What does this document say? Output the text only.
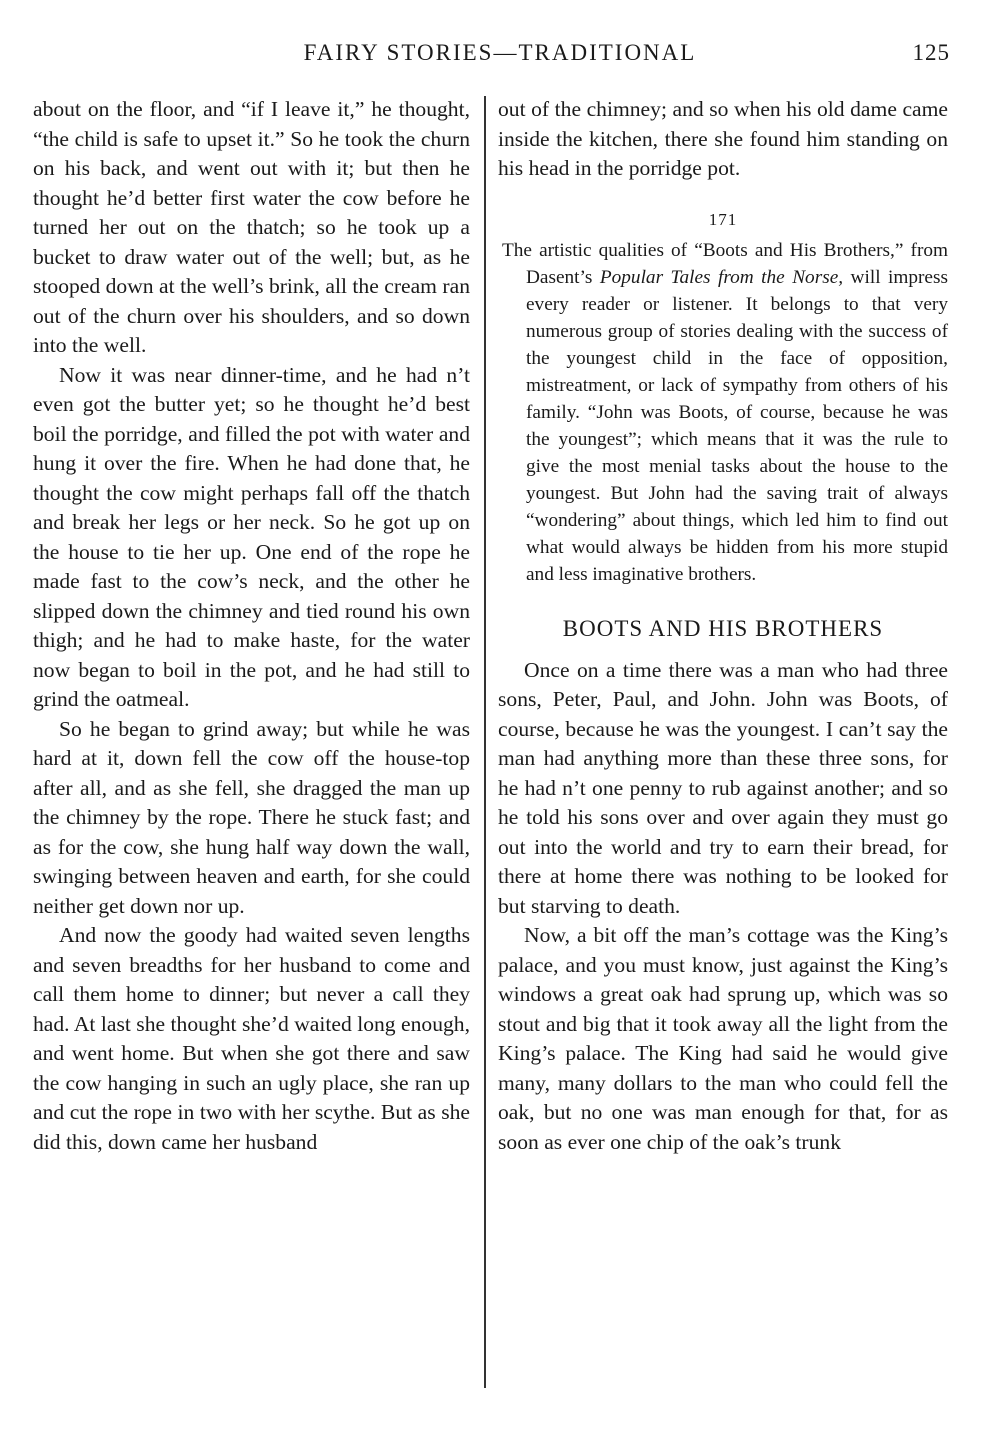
FAIRY STORIES—TRADITIONAL	125

about on the floor, and “if I leave it,” he thought, “the child is safe to upset it.” So he took the churn on his back, and went out with it; but then he thought he’d better first water the cow before he turned her out on the thatch; so he took up a bucket to draw water out of the well; but, as he stooped down at the well’s brink, all the cream ran out of the churn over his shoulders, and so down into the well.

Now it was near dinner-time, and he had n’t even got the butter yet; so he thought he’d best boil the porridge, and filled the pot with water and hung it over the fire. When he had done that, he thought the cow might perhaps fall off the thatch and break her legs or her neck. So he got up on the house to tie her up. One end of the rope he made fast to the cow’s neck, and the other he slipped down the chimney and tied round his own thigh; and he had to make haste, for the water now began to boil in the pot, and he had still to grind the oatmeal.

So he began to grind away; but while he was hard at it, down fell the cow off the house-top after all, and as she fell, she dragged the man up the chimney by the rope. There he stuck fast; and as for the cow, she hung half way down the wall, swinging between heaven and earth, for she could neither get down nor up.

And now the goody had waited seven lengths and seven breadths for her husband to come and call them home to dinner; but never a call they had. At last she thought she’d waited long enough, and went home. But when she got there and saw the cow hanging in such an ugly place, she ran up and cut the rope in two with her scythe. But as she did this, down came her husband

out of the chimney; and so when his old dame came inside the kitchen, there she found him standing on his head in the porridge pot.

171
The artistic qualities of “Boots and His Brothers,” from Dasent’s Popular Tales from the Norse, will impress every reader or listener. It belongs to that very numerous group of stories dealing with the success of the youngest child in the face of opposition, mistreatment, or lack of sympathy from others of his family. “John was Boots, of course, because he was the youngest”; which means that it was the rule to give the most menial tasks about the house to the youngest. But John had the saving trait of always “wondering” about things, which led him to find out what would always be hidden from his more stupid and less imaginative brothers.
BOOTS AND HIS BROTHERS

Once on a time there was a man who had three sons, Peter, Paul, and John. John was Boots, of course, because he was the youngest. I can’t say the man had anything more than these three sons, for he had n’t one penny to rub against another; and so he told his sons over and over again they must go out into the world and try to earn their bread, for there at home there was nothing to be looked for but starving to death.

Now, a bit off the man’s cottage was the King’s palace, and you must know, just against the King’s windows a great oak had sprung up, which was so stout and big that it took away all the light from the King’s palace. The King had said he would give many, many dollars to the man who could fell the oak, but no one was man enough for that, for as soon as ever one chip of the oak’s trunk
